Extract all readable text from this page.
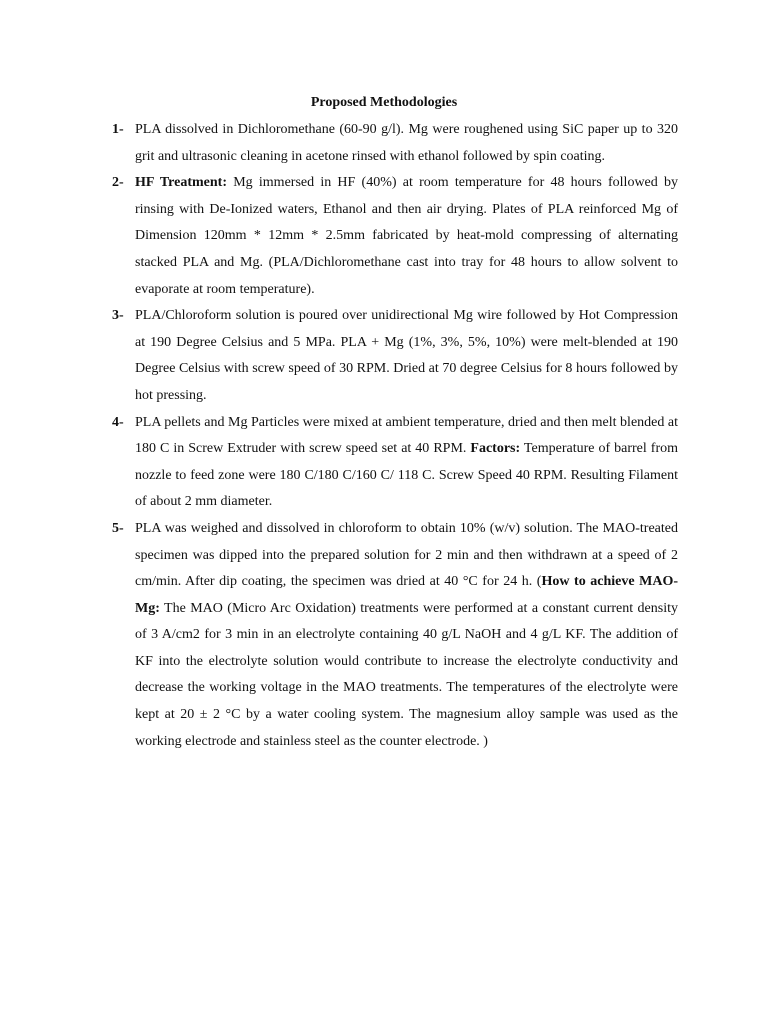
Proposed Methodologies
1- PLA dissolved in Dichloromethane (60-90 g/l). Mg were roughened using SiC paper up to 320 grit and ultrasonic cleaning in acetone rinsed with ethanol followed by spin coating.
2- HF Treatment: Mg immersed in HF (40%) at room temperature for 48 hours followed by rinsing with De-Ionized waters, Ethanol and then air drying. Plates of PLA reinforced Mg of Dimension 120mm * 12mm * 2.5mm fabricated by heat-mold compressing of alternating stacked PLA and Mg. (PLA/Dichloromethane cast into tray for 48 hours to allow solvent to evaporate at room temperature).
3- PLA/Chloroform solution is poured over unidirectional Mg wire followed by Hot Compression at 190 Degree Celsius and 5 MPa. PLA + Mg (1%, 3%, 5%, 10%) were melt-blended at 190 Degree Celsius with screw speed of 30 RPM. Dried at 70 degree Celsius for 8 hours followed by hot pressing.
4- PLA pellets and Mg Particles were mixed at ambient temperature, dried and then melt blended at 180 C in Screw Extruder with screw speed set at 40 RPM. Factors: Temperature of barrel from nozzle to feed zone were 180 C/180 C/160 C/ 118 C. Screw Speed 40 RPM. Resulting Filament of about 2 mm diameter.
5- PLA was weighed and dissolved in chloroform to obtain 10% (w/v) solution. The MAO-treated specimen was dipped into the prepared solution for 2 min and then withdrawn at a speed of 2 cm/min. After dip coating, the specimen was dried at 40 °C for 24 h. (How to achieve MAO-Mg: The MAO (Micro Arc Oxidation) treatments were performed at a constant current density of 3 A/cm2 for 3 min in an electrolyte containing 40 g/L NaOH and 4 g/L KF. The addition of KF into the electrolyte solution would contribute to increase the electrolyte conductivity and decrease the working voltage in the MAO treatments. The temperatures of the electrolyte were kept at 20 ± 2 °C by a water cooling system. The magnesium alloy sample was used as the working electrode and stainless steel as the counter electrode. )
